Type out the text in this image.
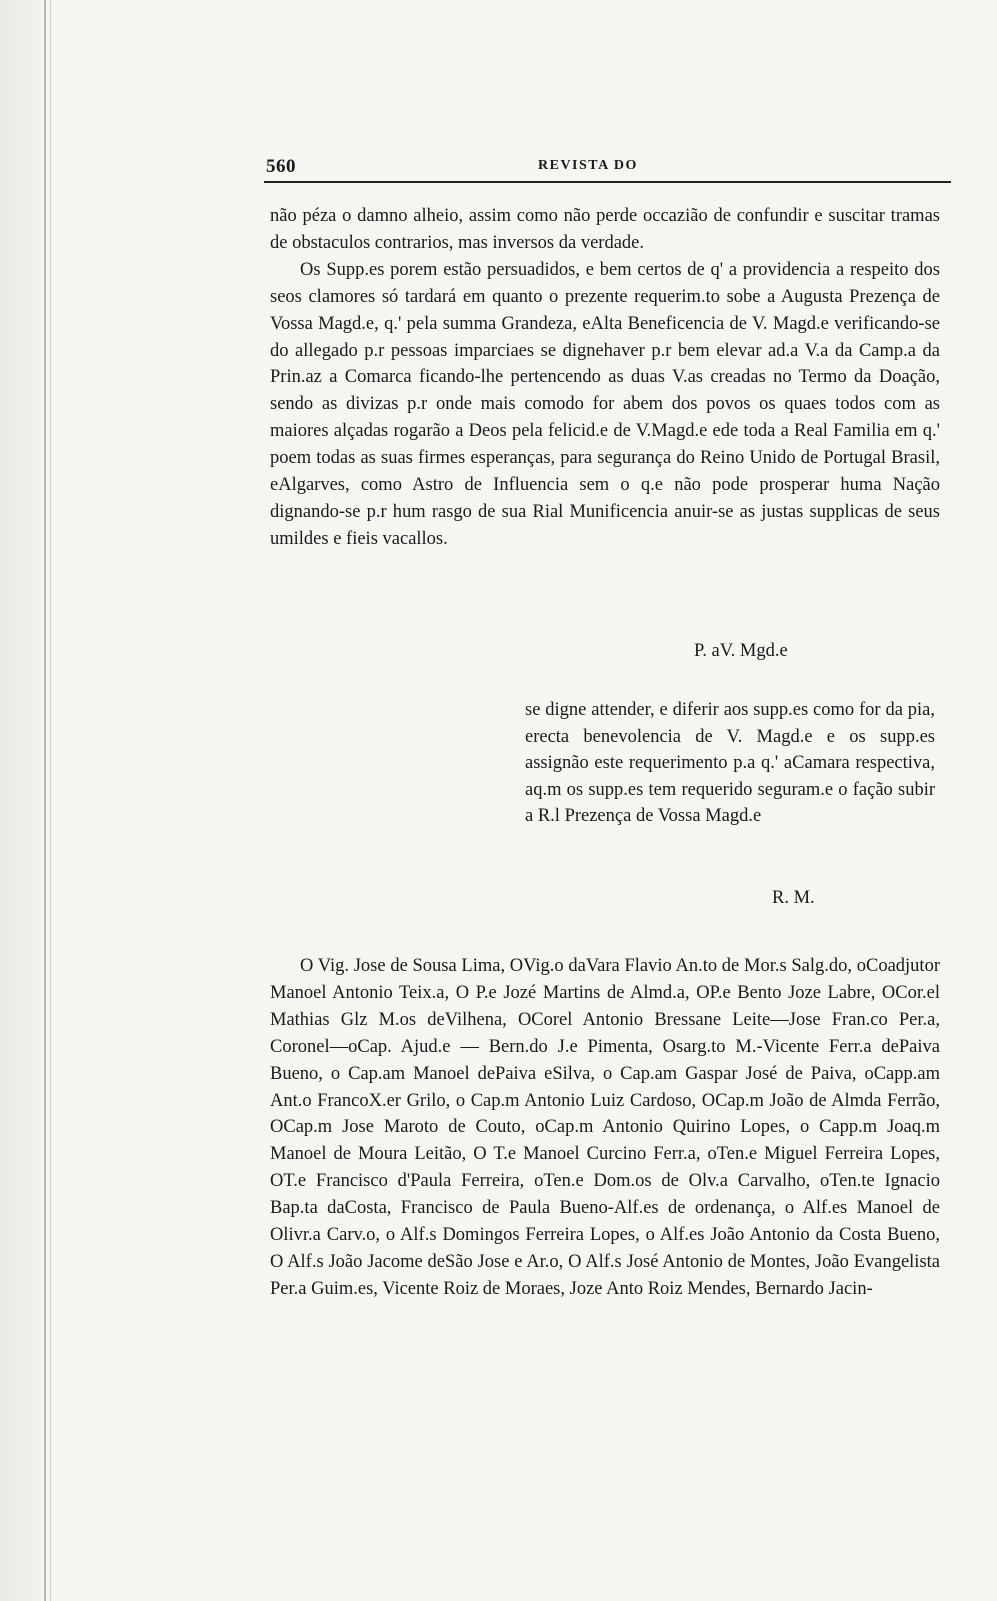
560	REVISTA DO

não péza o damno alheio, assim como não perde occazião de confundir e suscitar tramas de obstaculos contrarios, mas inversos da verdade.

Os Supp.es porem estão persuadidos, e bem certos de q' a providencia a respeito dos seos clamores só tardará em quanto o prezente requerim.to sobe a Augusta Prezença de Vossa Magd.e, q.' pela summa Grandeza, eAlta Beneficencia de V. Magd.e verificando-se do allegado p.r pessoas imparciaes se dignehaver p.r bem elevar ad.a V.a da Camp.a da Prin.az a Comarca ficando-lhe pertencendo as duas V.as creadas no Termo da Doação, sendo as divizas p.r onde mais comodo for abem dos povos os quaes todos com as maiores alçadas rogarão a Deos pela felicid.e de V.Magd.e ede toda a Real Familia em q.' poem todas as suas firmes esperanças, para segurança do Reino Unido de Portugal Brasil, eAlgarves, como Astro de Influencia sem o q.e não pode prosperar huma Nação dignando-se p.r hum rasgo de sua Rial Munificencia anuir-se as justas supplicas de seus umildes e fieis vacallos.

P. aV. Mgd.e
se digne attender, e diferir aos supp.es como for da pia, erecta benevolencia de V. Magd.e e os supp.es assignão este requerimento p.a q.' aCamara respectiva, aq.m os supp.es tem requerido seguram.e o fação subir a R.l Prezença de Vossa Magd.e
R. M.

O Vig. Jose de Sousa Lima, OVig.o daVara Flavio An.to de Mor.s Salg.do, oCoadjutor Manoel Antonio Teix.a, O P.e Jozé Martins de Almd.a, OP.e Bento Joze Labre, OCor.el Mathias Glz M.os deVilhena, OCorel Antonio Bressane Leite—Jose Fran.co Per.a, Coronel—oCap. Ajud.e — Bern.do J.e Pimenta, Osarg.to M.-Vicente Ferr.a dePaiva Bueno, o Cap.am Manoel dePaiva eSilva, o Cap.am Gaspar José de Paiva, oCapp.am Ant.o FrancoX.er Grilo, o Cap.m Antonio Luiz Cardoso, OCap.m João de Almda Ferrão, OCap.m Jose Maroto de Couto, oCap.m Antonio Quirino Lopes, o Capp.m Joaq.m Manoel de Moura Leitão, O T.e Manoel Curcino Ferr.a, oTen.e Miguel Ferreira Lopes, OT.e Francisco d'Paula Ferreira, oTen.e Dom.os de Olv.a Carvalho, oTen.te Ignacio Bap.ta daCosta, Francisco de Paula Bueno-Alf.es de ordenança, o Alf.es Manoel de Olivr.a Carv.o, o Alf.s Domingos Ferreira Lopes, o Alf.es João Antonio da Costa Bueno, O Alf.s João Jacome deSão Jose e Ar.o, O Alf.s José Antonio de Montes, João Evangelista Per.a Guim.es, Vicente Roiz de Moraes, Joze Anto Roiz Mendes, Bernardo Jacin-
